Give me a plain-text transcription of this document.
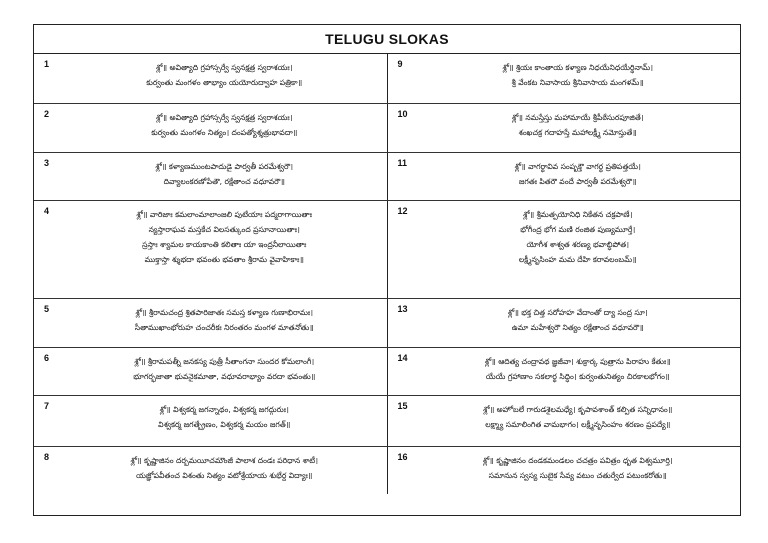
TELUGU SLOKAS
1	శ్లో॥ అవిత్యాది గ్రహాస్సర్వే స్వనక్షత్ర స్వరాశయః।
కుర్వంతు మంగళం తాభ్యాం యయోరుద్వాహ పత్రికా॥
9	శ్లో॥ శ్రియః కాంతాయ కళ్యాణ నిధయేనిధయేర్థినామ్।
శ్రీ వేంకట నివాసాయ శ్రీనివాసాయ మంగళమ్॥
2	శ్లో॥ అవిత్యాది గ్రహాస్సర్వే స్వనక్షత్ర స్వరాశయః।
కుర్వంతు మంగళం నిత్యం। దంపత్యోశ్శత్రుభావదా॥
10	శ్లో॥ నమస్తేస్తు మహామాయే శ్రీపీఠేసురపూజితే।
శంఖచక్ర గదాహస్తే మహాలక్ష్మీ నమోస్తుతే॥
3	శ్లో॥ కళ్యాణముంటపాదుడై పార్వతీ పరమేశ్వరౌ।
దివ్యాలంకరణోపేతౌ, రక్షేతాంచ వధూవరౌ॥
11	శ్లో॥ వాగర్థావివ సంపృక్తౌ వాగర్థ ప్రతిపత్తయే।
జగతః పితరౌ వందే పార్వతీ పరమేశ్వరౌ॥
4	శ్లో॥ వారిజాః కమలాంమాలాంజలి పుటేయాః పద్మరాగాయితాః
న్యస్తారాఘవ మస్తకేచ విలసత్కుంద ప్రసూనాయితాః।
స్రస్తాః శ్యామల కాయకాంతి కలితాః యా ఇంద్రనీలాయితాః
ముక్తాస్తా శ్శుభదా భవంతు భవతాం శ్రీరామ వైవాహికాః॥
12	శ్లో॥ శ్రీమత్పయోనిధి నికేతన చక్రపాణే।
భోగీంద్ర భోగ మణి రంజిత పుణ్యమూర్తే।
యోగీశ శాశ్వత శరణ్య భవాబ్ధిపోత।
లక్ష్మీనృసింహ మమ దేహి కరావలంబమ్॥
5	శ్లో॥ శ్రీరామచంద్ర శ్రితపారిజాతః సమస్త కళ్యాణ గుణాభిరామః।
సీతాముఖాంభోరుహ చంచరీకః నిరంతరం మంగళ మాతనోతు॥
13	శ్లో॥ భక్త చిత్త సరోహహ వేదాంతో ద్యా సంద్ర సూ।
ఉమా మహేశ్వరౌ నిత్యం రక్షేతాంచ వధూవరౌ॥
6	శ్లో॥ శ్రీరామపత్నీ జనకస్య పుత్రీ సీతాంగనా సుందర కోమలాంగీ।
భూగర్భజాతా భువనైకమాతా, వధూవరాభ్యాం వరదా భవంతు॥
14	శ్లో॥ ఆదిత్య చంద్రావథ జ్ఞజీవా। శుక్రార్క పుత్రాను పిరాహు కేతుః॥
యేయే గ్రహాణాం సకలార్థ సిద్ధిం। కుర్వంతునిత్యం చిరకాలభోగం॥
7	శ్లో॥ విశ్వకర్మ జగన్నాథం, విశ్వకర్మ జగద్గురుః।
విశ్వకర్మ జగత్బ్రేణం, విశ్వకర్మ మయం జగత్॥
15	శ్లో॥ అహోబలే గారుడశైలమధ్యే। కృపావశాంత్ కల్పిత సన్నిధానం॥
లక్ష్మ్యా సమాలింగిత వామభాగం। లక్ష్మీనృసింహం శరణం ప్రపద్యే॥
8	శ్లో॥ కృష్ణాజినం దర్బమయీచమౌంజీ పాలాశ దండః పరిధాన శాటీ।
యజ్ఞోపవీతంచ విశంతు నిత్యం వటోశ్రేయాయ శుభేర్ద విద్యాః॥
16	శ్లో॥ కృష్ణాజినం దండకమండలం చచత్రం పవిత్రం ధృత విశ్వమూర్తి।
సమానున స్వస్య సుబైక సేవ్య వటుం చతుర్వేద పటుంకరోతు॥
